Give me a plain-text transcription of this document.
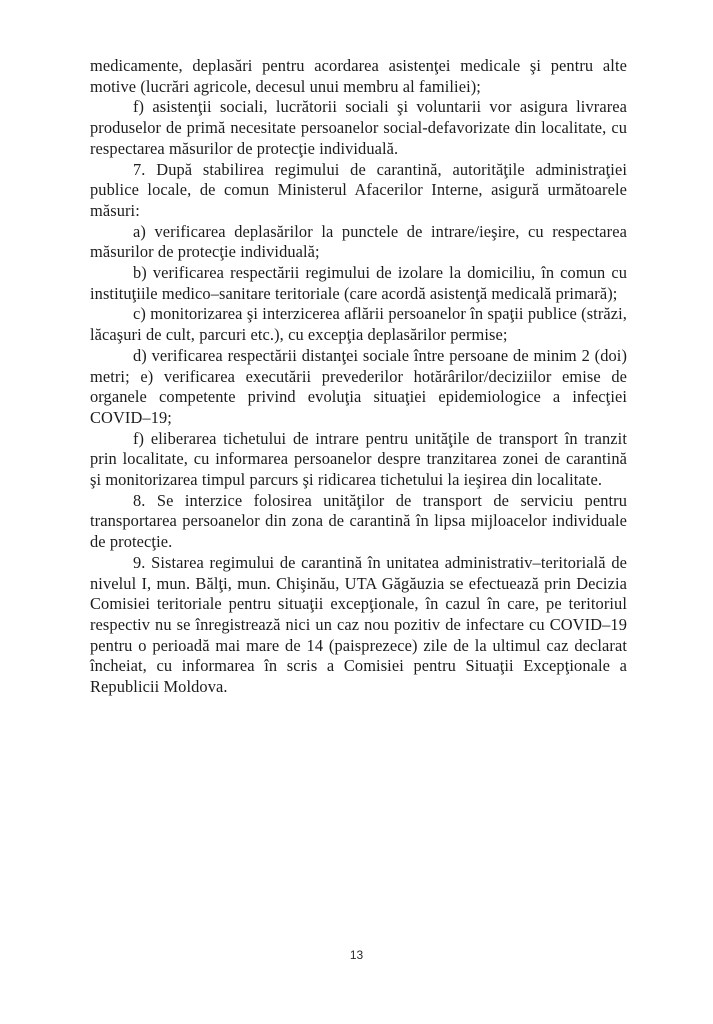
medicamente, deplasări pentru acordarea asistenţei medicale şi pentru alte motive (lucrări agricole, decesul unui membru al familiei);

f) asistenţii sociali, lucrătorii sociali şi voluntarii vor asigura livrarea produselor de primă necesitate persoanelor social-defavorizate din localitate, cu respectarea măsurilor de protecţie individuală.

7. După stabilirea regimului de carantină, autorităţile administraţiei publice locale, de comun Ministerul Afacerilor Interne, asigură următoarele măsuri:

a) verificarea deplasărilor la punctele de intrare/ieşire, cu respectarea măsurilor de protecţie individuală;

b) verificarea respectării regimului de izolare la domiciliu, în comun cu instituţiile medico–sanitare teritoriale (care acordă asistenţă medicală primară);

c) monitorizarea şi interzicerea aflării persoanelor în spaţii publice (străzi, lăcaşuri de cult, parcuri etc.), cu excepţia deplasărilor permise;

d) verificarea respectării distanţei sociale între persoane de minim 2 (doi) metri; e) verificarea executării prevederilor hotărârilor/deciziilor emise de organele competente privind evoluţia situaţiei epidemiologice a infecţiei COVID–19;

f) eliberarea tichetului de intrare pentru unităţile de transport în tranzit prin localitate, cu informarea persoanelor despre tranzitarea zonei de carantină şi monitorizarea timpul parcurs şi ridicarea tichetului la ieşirea din localitate.

8. Se interzice folosirea unităţilor de transport de serviciu pentru transportarea persoanelor din zona de carantină în lipsa mijloacelor individuale de protecţie.

9. Sistarea regimului de carantină în unitatea administrativ–teritorială de nivelul I, mun. Bălţi, mun. Chişinău, UTA Găgăuzia se efectuează prin Decizia Comisiei teritoriale pentru situaţii excepţionale, în cazul în care, pe teritoriul respectiv nu se înregistrează nici un caz nou pozitiv de infectare cu COVID–19 pentru o perioadă mai mare de 14 (paisprezece) zile de la ultimul caz declarat încheiat, cu informarea în scris a Comisiei pentru Situaţii Excepţionale a Republicii Moldova.

13
